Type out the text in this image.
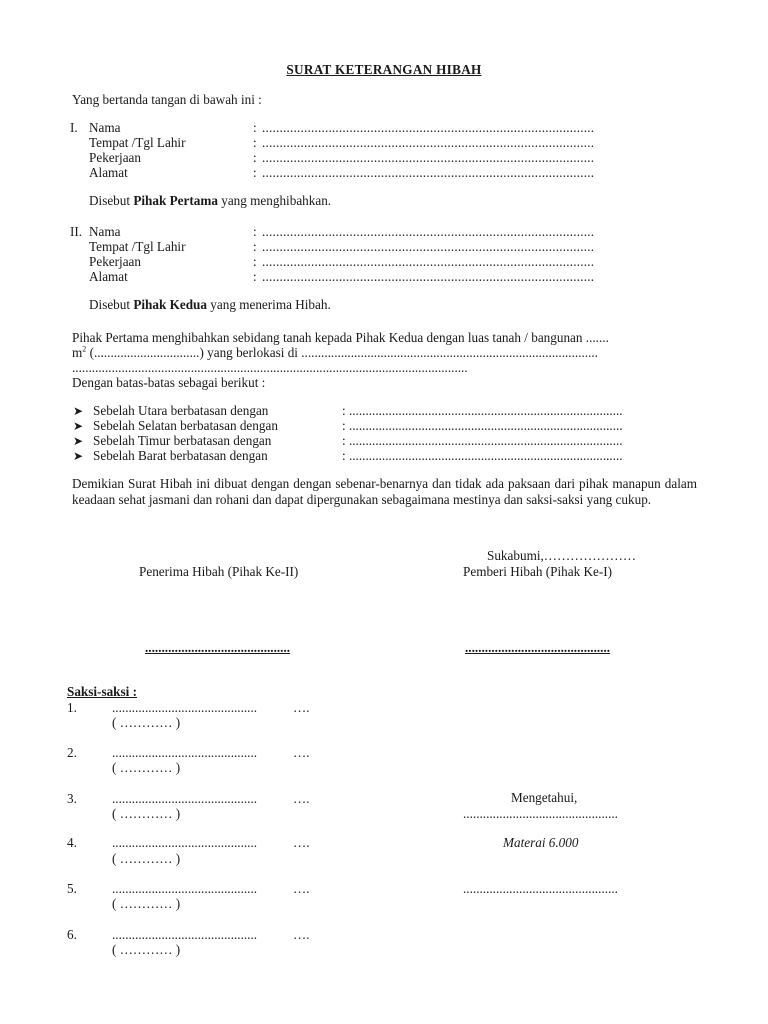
SURAT KETERANGAN HIBAH
Yang bertanda tangan di bawah ini :
I. Nama	: ...............................................................................................
Tempat /Tgl Lahir	: ...............................................................................................
Pekerjaan	: ...............................................................................................
Alamat	: ...............................................................................................
Disebut Pihak Pertama yang menghibahkan.
II. Nama	: ...............................................................................................
Tempat /Tgl Lahir	: ...............................................................................................
Pekerjaan	: ...............................................................................................
Alamat	: ...............................................................................................
Disebut Pihak Kedua yang menerima Hibah.
Pihak Pertama menghibahkan sebidang tanah kepada Pihak Kedua dengan luas tanah / bangunan .......
$m^2$ (................................) yang berlokasi di ..........................................................................................
........................................................................................................................
Dengan batas-batas sebagai berikut :
➤ Sebelah Utara berbatasan dengan	: ...................................................................................
➤ Sebelah Selatan berbatasan dengan	: ...................................................................................
➤ Sebelah Timur berbatasan dengan	: ...................................................................................
➤ Sebelah Barat berbatasan dengan	: ...................................................................................
Demikian Surat Hibah ini dibuat dengan dengan sebenar-benarnya dan tidak ada paksaan dari pihak manapun dalam keadaan sehat jasmani dan rohani dan dapat dipergunakan sebagaimana mestinya dan saksi-saksi yang cukup.
Sukabumi,…………………
Penerima Hibah (Pihak Ke-II)	Pemberi Hibah (Pihak Ke-I)
............................................	............................................
Saksi-saksi :
1.	............................................	….
( ………… )
2.	............................................	….
( ………… )
3.	............................................	….
( ………… )
4.	............................................	….
( ………… )
5.	............................................	….
( ………… )
6.	............................................	….
( ………… )
Mengetahui,
...............................................
Materai 6.000
...............................................
